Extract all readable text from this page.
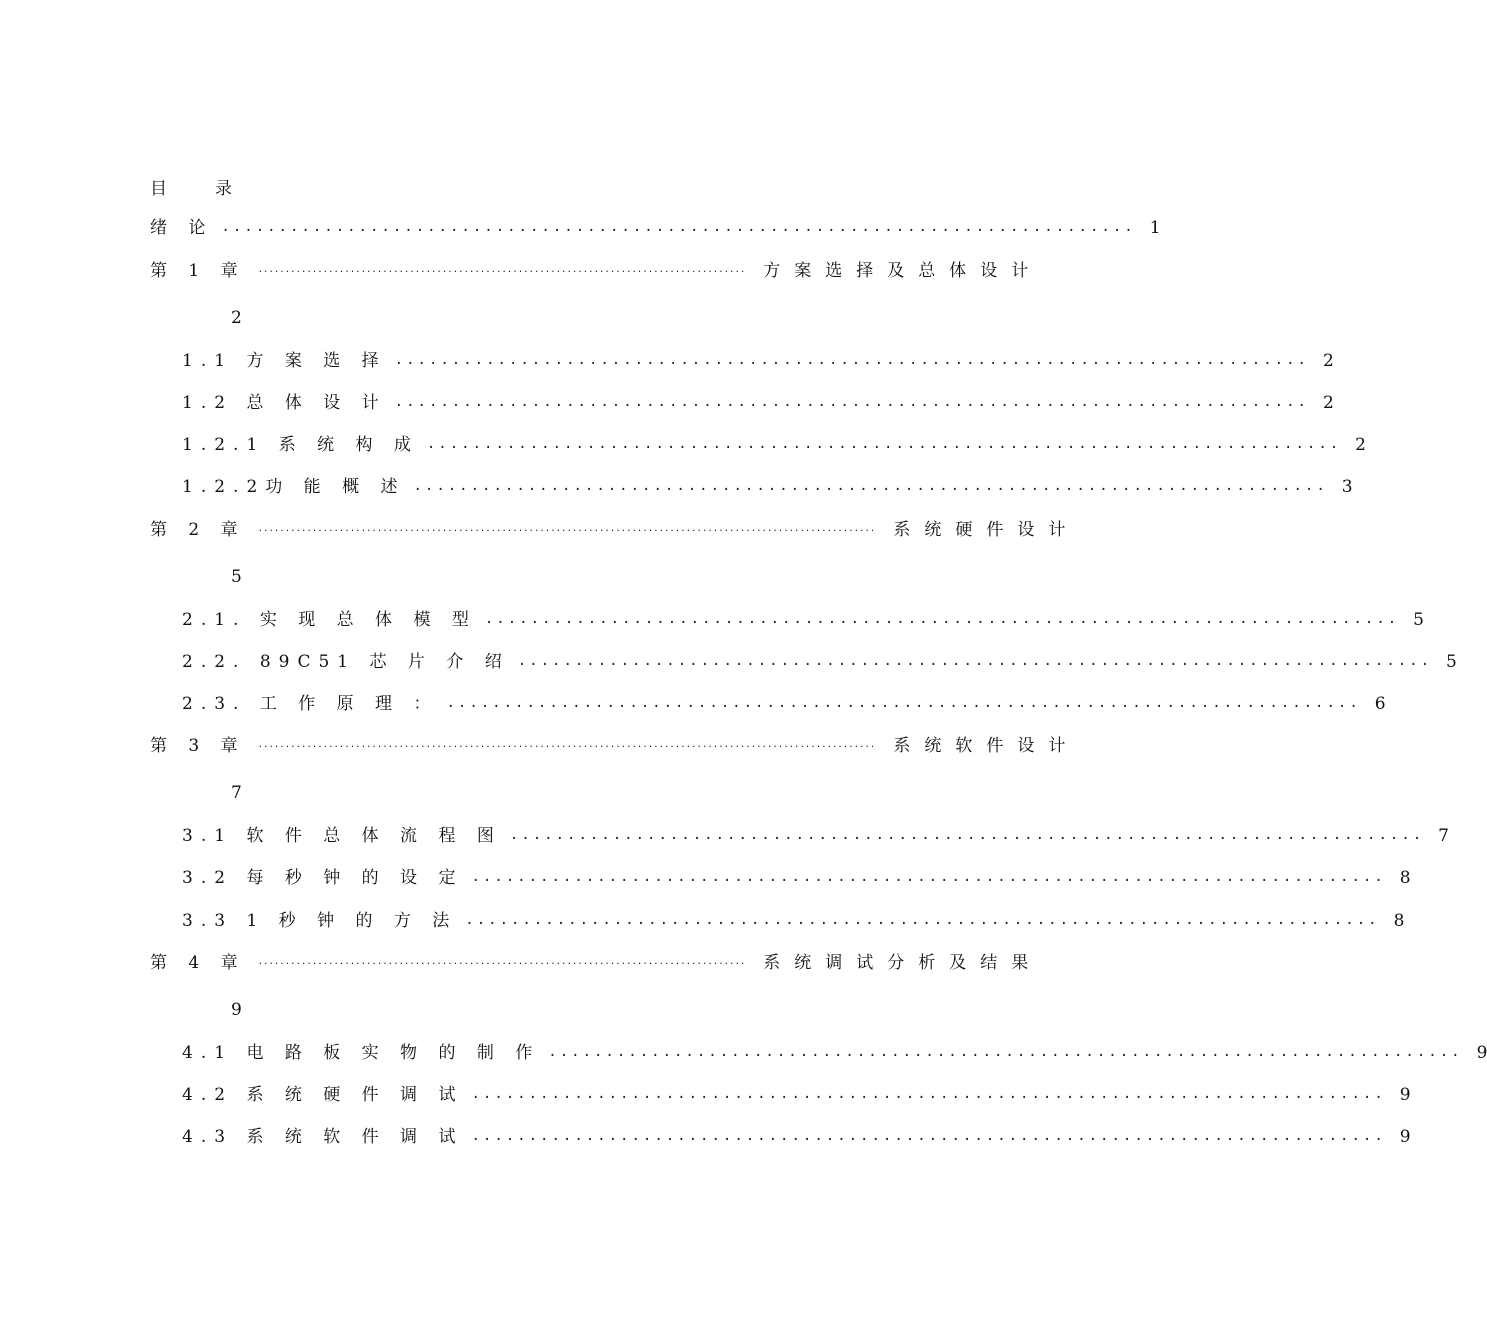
目	录
绪 论 ................................................................................ 1
第 1 章 .......................................................................................... 方案选择及总体设计
2
1.1 方 案 选 择 ................................................................................ 2
1.2 总 体 设 计 ................................................................................ 2
1.2.1 系 统 构 成 ................................................................................ 2
1.2.2功 能 概 述 ................................................................................ 3
第 2 章 .................................................................................................................. 系统硬件设计
5
2.1. 实 现 总 体 模 型 ................................................................................ 5
2.2. 89C51 芯 片 介 绍 ................................................................................ 5
2.3. 工 作 原 理 ： ................................................................................ 6
第 3 章 .................................................................................................................. 系统软件设计
7
3.1 软 件 总 体 流 程 图 ................................................................................ 7
3.2 每 秒 钟 的 设 定 ................................................................................ 8
3.3 1 秒 钟 的 方 法 ................................................................................ 8
第 4 章 .......................................................................................... 系统调试分析及结果
9
4.1 电 路 板 实 物 的 制 作 ................................................................................ 9
4.2 系 统 硬 件 调 试 ................................................................................ 9
4.3 系 统 软 件 调 试 ................................................................................ 9
